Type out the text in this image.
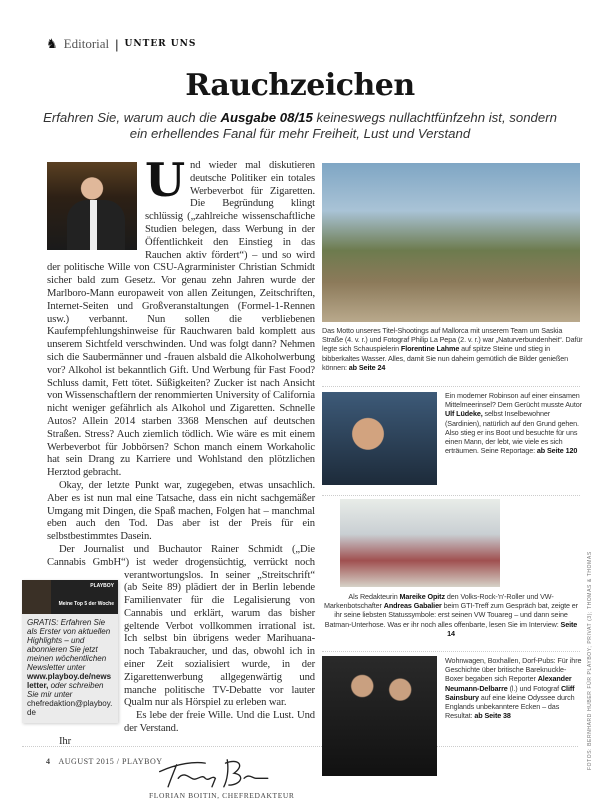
♞ Editorial | UNTER UNS
Rauchzeichen
Erfahren Sie, warum auch die Ausgabe 08/15 keineswegs nullachtfünfzehn ist, sondern ein erhellendes Fanal für mehr Freiheit, Lust und Verstand
U
PLAYBOY
Meine Top 5 der Woche
GRATIS: Erfahren Sie als Erster von aktuellen Highlights – und abonnieren Sie jetzt meinen wöchentlichen Newsletter unter www.playboy.de/newsletter, oder schreiben Sie mir unter chefredaktion@playboy.de

nd wieder mal diskutieren deutsche Politiker ein totales Werbeverbot für Zigaretten. Die Begründung klingt schlüssig („zahlreiche wissenschaftliche Studien belegen, dass Werbung in der Öffentlichkeit den Einstieg in das Rauchen aktiv fördert“) – und so wird der politische Wille von CSU-Agrarminister Christian Schmidt sicher bald zum Gesetz. Vor genau zehn Jahren wurde der Marlboro-Mann europaweit von allen Zeitungen, Zeitschriften, Internet-Seiten und Großveranstaltungen (Formel-1-Rennen usw.) verbannt. Nun sollen die verbliebenen Kaufempfehlungshinweise für Rauchwaren bald komplett aus unserem Sichtfeld verschwinden. Und was folgt dann? Nehmen sich die Saubermänner und -frauen alsbald die Alkoholwerbung vor? Alkohol ist bekanntlich Gift. Und Werbung für Fast Food? Schluss damit, Fett tötet. Süßigkeiten? Zucker ist nach Ansicht von Wissenschaftlern der renommierten University of California nicht weniger gefährlich als Alkohol und Zigaretten. Schnelle Autos? Allein 2014 starben 3368 Menschen auf deutschen Straßen. Stress? Auch ziemlich tödlich. Wie wäre es mit einem Werbeverbot für Jobbörsen? Schon manch einem Workaholic hat sein Drang zu Karriere und Wohlstand den plötzlichen Herztod gebracht.

Okay, der letzte Punkt war, zugegeben, etwas unsachlich. Aber es ist nun mal eine Tatsache, dass ein nicht sachgemäßer Umgang mit Dingen, die Spaß machen, Folgen hat – manchmal eben auch den Tod. Das aber ist der Preis für ein selbstbestimmtes Dasein.

Der Journalist und Buchautor Rainer Schmidt („Die Cannabis GmbH“) ist weder drogensüchtig, verrückt noch verantwortungslos. In seiner „Streitschrift“ (ab Seite 89) plädiert der in Berlin lebende Familienvater für die Legalisierung von Cannabis und erklärt, warum das bisher geltende Verbot vollkommen irrational ist. Ich selbst bin übrigens weder Marihuana- noch Tabakraucher, und das, obwohl ich in einer Zeit sozialisiert wurde, in der Zigarettenwerbung allgegenwärtig und manche politische TV-Debatte vor lauter Qualm nur als Hörspiel zu erleben war.

Es lebe der freie Wille. Und die Lust. Und der Verstand.

Ihr

FLORIAN BOITIN, CHEFREDAKTEUR
4 AUGUST 2015 / PLAYBOY
Das Motto unseres Titel-Shootings auf Mallorca mit unserem Team um Saskia Straße (4. v. r.) und Fotograf Philip La Pepa (2. v. r.) war „Naturverbundenheit“. Dafür legte sich Schauspielerin Florentine Lahme auf spitze Steine und stieg in bibberkaltes Wasser. Alles, damit Sie nun daheim gemütlich die Bilder genießen können: ab Seite 24
Ein moderner Robinson auf einer einsamen Mittelmeerinsel? Dem Gerücht musste Autor Ulf Lüdeke, selbst Inselbewohner (Sardinien), natürlich auf den Grund gehen. Also stieg er ins Boot und besuchte für uns einen Mann, der lebt, wie viele es sich erträumen. Seine Reportage: ab Seite 120
Als Redakteurin Mareike Opitz den Volks-Rock-'n'-Roller und VW-Markenbotschafter Andreas Gabalier beim GTI-Treff zum Gespräch bat, zeigte er ihr seine liebsten Statussymbole: erst seinen VW Touareg – und dann seine Batman-Unterhose. Was er ihr noch alles offenbarte, lesen Sie im Interview: Seite 14
Wohnwagen, Boxhallen, Dorf-Pubs: Für ihre Geschichte über britische Bareknuckle-Boxer begaben sich Reporter Alexander Neumann-Delbarre (l.) und Fotograf Cliff Sainsbury auf eine kleine Odyssee durch Englands unbekanntere Ecken – das Resultat: ab Seite 38	FOTOS: BERNHARD HUBER FÜR PLAYBOY; PRIVAT (3); THOMAS & THOMAS
